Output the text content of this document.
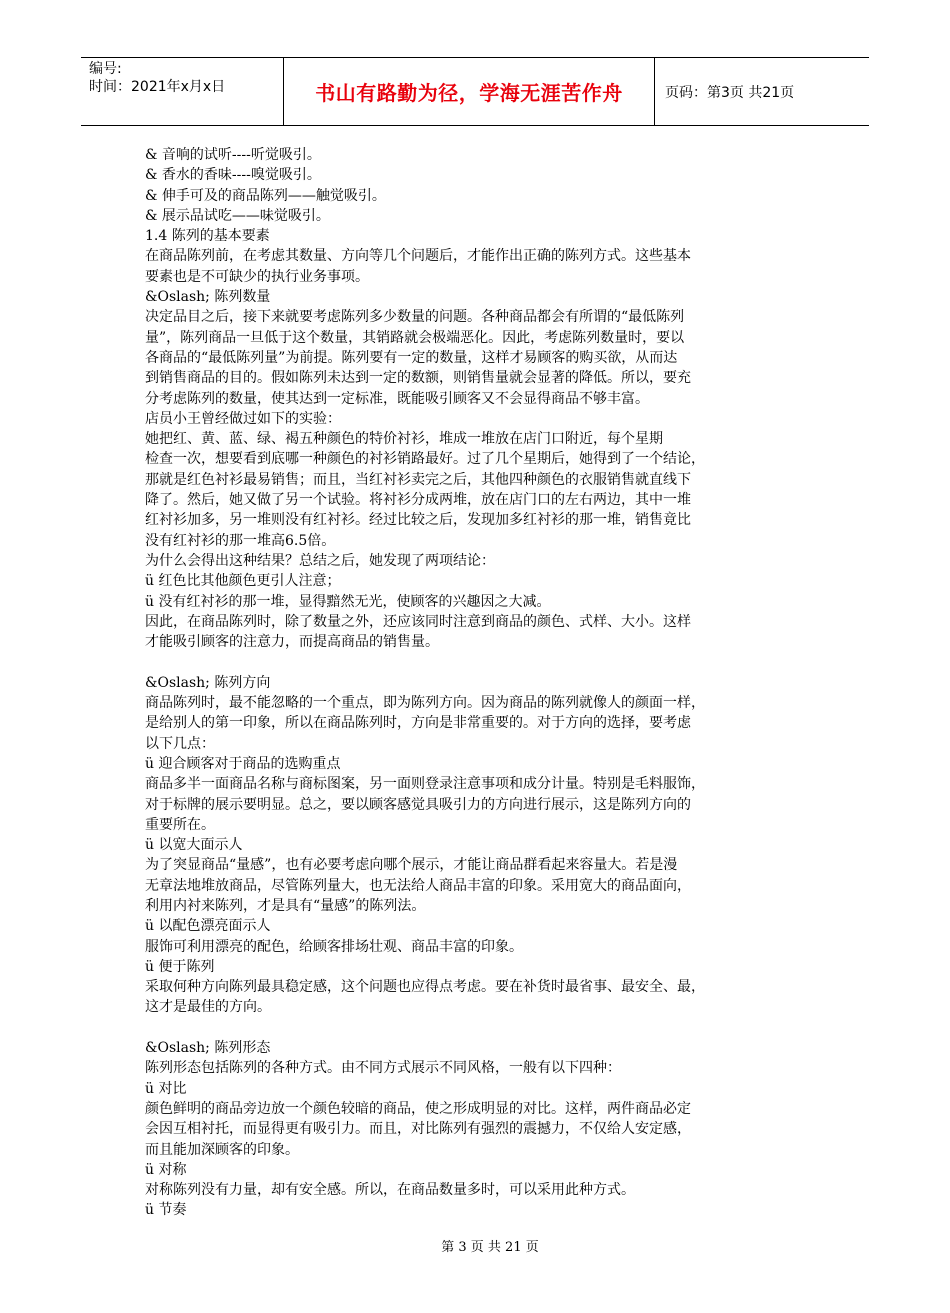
编号:
时间：2021年x月x日	书山有路勤为径，学海无涯苦作舟	页码：第3页 共21页

& 音响的试听----听觉吸引。

& 香水的香味----嗅觉吸引。

& 伸手可及的商品陈列——触觉吸引。

& 展示品试吃——味觉吸引。

1.4 陈列的基本要素

在商品陈列前，在考虑其数量、方向等几个问题后，才能作出正确的陈列方式。这些基本

要素也是不可缺少的执行业务事项。

&Oslash; 陈列数量

决定品目之后，接下来就要考虑陈列多少数量的问题。各种商品都会有所谓的“最低陈列

量”，陈列商品一旦低于这个数量，其销路就会极端恶化。因此，考虑陈列数量时，要以

各商品的“最低陈列量”为前提。陈列要有一定的数量，这样才易顾客的购买欲，从而达

到销售商品的目的。假如陈列未达到一定的数额，则销售量就会显著的降低。所以，要充

分考虑陈列的数量，使其达到一定标准，既能吸引顾客又不会显得商品不够丰富。

店员小王曾经做过如下的实验：

她把红、黄、蓝、绿、褐五种颜色的特价衬衫，堆成一堆放在店门口附近，每个星期

检查一次，想要看到底哪一种颜色的衬衫销路最好。过了几个星期后，她得到了一个结论，

那就是红色衬衫最易销售；而且，当红衬衫卖完之后，其他四种颜色的衣服销售就直线下

降了。然后，她又做了另一个试验。将衬衫分成两堆，放在店门口的左右两边，其中一堆

红衬衫加多，另一堆则没有红衬衫。经过比较之后，发现加多红衬衫的那一堆，销售竟比

没有红衬衫的那一堆高6.5倍。

为什么会得出这种结果？总结之后，她发现了两项结论：

ü 红色比其他颜色更引人注意；

ü 没有红衬衫的那一堆，显得黯然无光，使顾客的兴趣因之大减。

因此，在商品陈列时，除了数量之外，还应该同时注意到商品的颜色、式样、大小。这样

才能吸引顾客的注意力，而提高商品的销售量。

&Oslash; 陈列方向

商品陈列时，最不能忽略的一个重点，即为陈列方向。因为商品的陈列就像人的颜面一样，

是给别人的第一印象，所以在商品陈列时，方向是非常重要的。对于方向的选择，要考虑

以下几点：

ü 迎合顾客对于商品的选购重点

商品多半一面商品名称与商标图案，另一面则登录注意事项和成分计量。特别是毛料服饰，

对于标牌的展示要明显。总之，要以顾客感觉具吸引力的方向进行展示，这是陈列方向的

重要所在。

ü 以宽大面示人

为了突显商品“量感”，也有必要考虑向哪个展示，才能让商品群看起来容量大。若是漫

无章法地堆放商品，尽管陈列量大，也无法给人商品丰富的印象。采用宽大的商品面向，

利用内衬来陈列，才是具有“量感”的陈列法。

ü 以配色漂亮面示人

服饰可利用漂亮的配色，给顾客排场壮观、商品丰富的印象。

ü 便于陈列

采取何种方向陈列最具稳定感，这个问题也应得点考虑。要在补货时最省事、最安全、最，

这才是最佳的方向。

&Oslash; 陈列形态

陈列形态包括陈列的各种方式。由不同方式展示不同风格，一般有以下四种：

ü 对比

颜色鲜明的商品旁边放一个颜色较暗的商品，使之形成明显的对比。这样，两件商品必定

会因互相衬托，而显得更有吸引力。而且，对比陈列有强烈的震撼力，不仅给人安定感，

而且能加深顾客的印象。

ü 对称

对称陈列没有力量，却有安全感。所以，在商品数量多时，可以采用此种方式。

ü 节奏

第 3 页 共 21 页
